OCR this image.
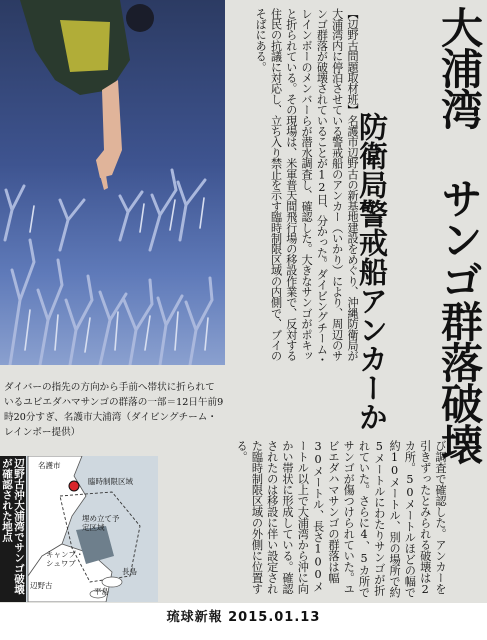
ダイバーの指先の方向から手前へ帯状に折られているユビエダハマサンゴの群落の一部＝12日午前9時20分すぎ、名護市大浦湾（ダイビングチーム・レインボー提供）	大浦湾 サンゴ群落破壊
防衛局警戒船アンカーか

【辺野古問題取材班】名護市辺野古の新基地建設をめぐり、沖縄防衛局が大浦湾内に停泊させている警戒船のアンカー（いかり）により、周辺のサンゴ群落が破壊されていることが12日、分かった。ダイビングチーム・レインボーのメンバーらが潜水調査し、確認した。大きなサンゴがポキッと折られている。その現場は、米軍普天間飛行場の移設作業で、反対する住民の抗議に対応し、立ち入り禁止を示す臨時制限区域の内側で、ブイのそばにある。

び調査で確認した。アンカーを引きずったとみられる破壊は2カ所。50メートルほどの幅で約10メートル、別の場所で約5メートルにわたりサンゴが折れていた。さらに4、5カ所でサンゴが傷つけられていた。ユビエダハマサンゴの群落は幅30メートル、長さ100メートル以上で大浦湾から沖に向かい帯状に形成している。確認されたのは移設に伴い設定された臨時制限区域の外側に位置する。

名護市
臨時制限区域
埋め立て予定区域
キャンプ・シュワブ
辺野古
長島
平島
辺野古沖大浦湾でサンゴ破壊が確認された地点
琉球新報 2015.01.13
